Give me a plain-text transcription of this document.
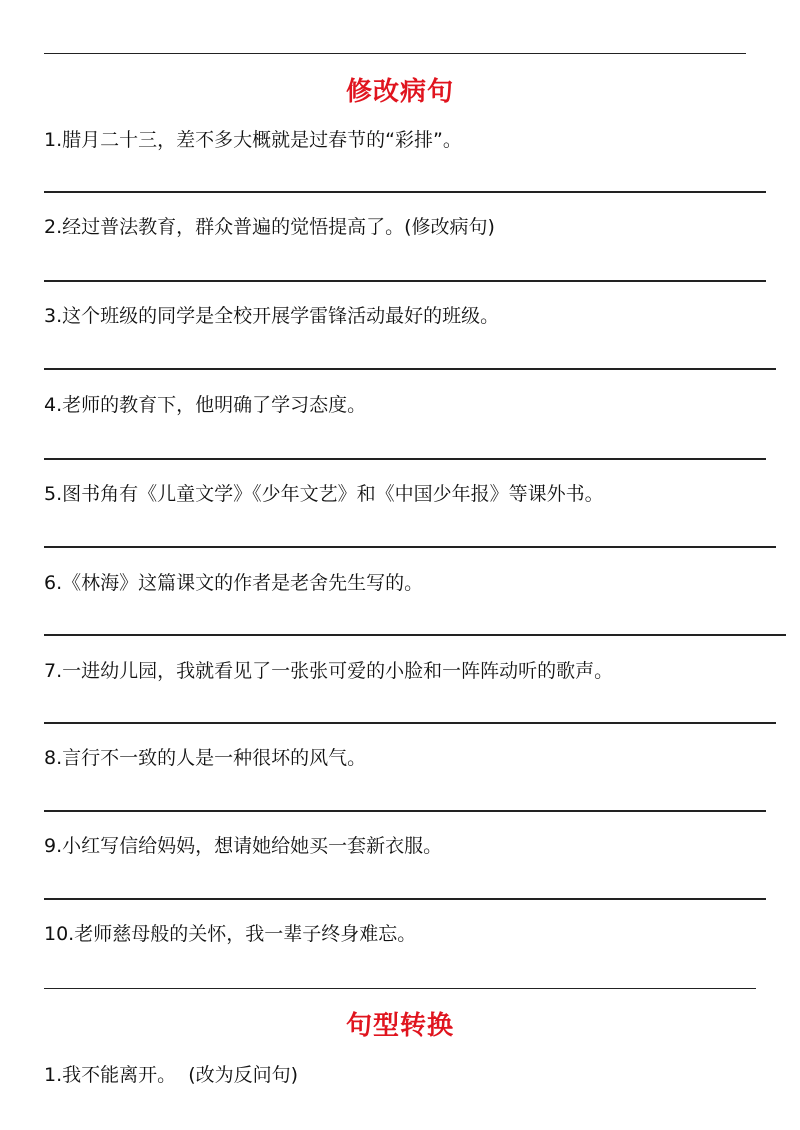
修改病句
1.腊月二十三，差不多大概就是过春节的“彩排”。
2.经过普法教育，群众普遍的觉悟提高了。(修改病句)
3.这个班级的同学是全校开展学雷锋活动最好的班级。
4.老师的教育下，他明确了学习态度。
5.图书角有《儿童文学》《少年文艺》和《中国少年报》等课外书。
6.《林海》这篇课文的作者是老舍先生写的。
7.一进幼儿园，我就看见了一张张可爱的小脸和一阵阵动听的歌声。
8.言行不一致的人是一种很坏的风气。
9.小红写信给妈妈，想请她给她买一套新衣服。
10.老师慈母般的关怀，我一辈子终身难忘。
句型转换
1.我不能离开。  (改为反问句)
